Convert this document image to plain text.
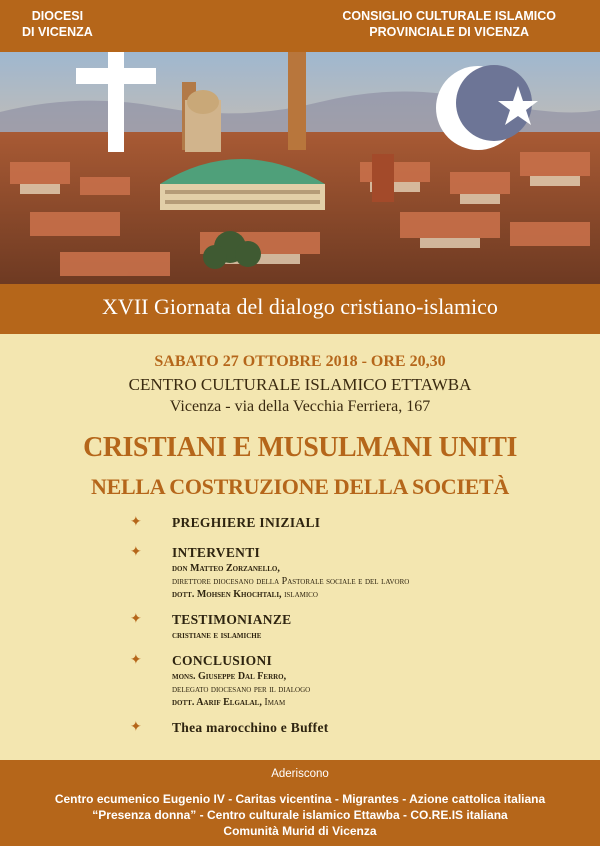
DIOCESI
DI VICENZA
CONSIGLIO CULTURALE ISLAMICO
PROVINCIALE DI VICENZA
XVII Giornata del dialogo cristiano-islamico
SABATO 27 OTTOBRE 2018 - ORE 20,30
CENTRO CULTURALE ISLAMICO ETTAWBA
Vicenza - via della Vecchia Ferriera, 167
CRISTIANI E MUSULMANI UNITI
NELLA COSTRUZIONE DELLA SOCIETÀ
✦ PREGHIERE INIZIALI
✦ INTERVENTI
don Matteo Zorzanello,
direttore diocesano della Pastorale sociale e del lavoro
dott. Mohsen Khochtali, islamico
✦ TESTIMONIANZE
cristiane e islamiche
✦ CONCLUSIONI
mons. Giuseppe Dal Ferro,
delegato diocesano per il dialogo
dott. Aarif Elgalal, Imam
✦ Thea marocchino e Buffet
Aderiscono
Centro ecumenico Eugenio IV - Caritas vicentina - Migrantes - Azione cattolica italiana
“Presenza donna” - Centro culturale islamico Ettawba - CO.RE.IS italiana
Comunità Murid di Vicenza
